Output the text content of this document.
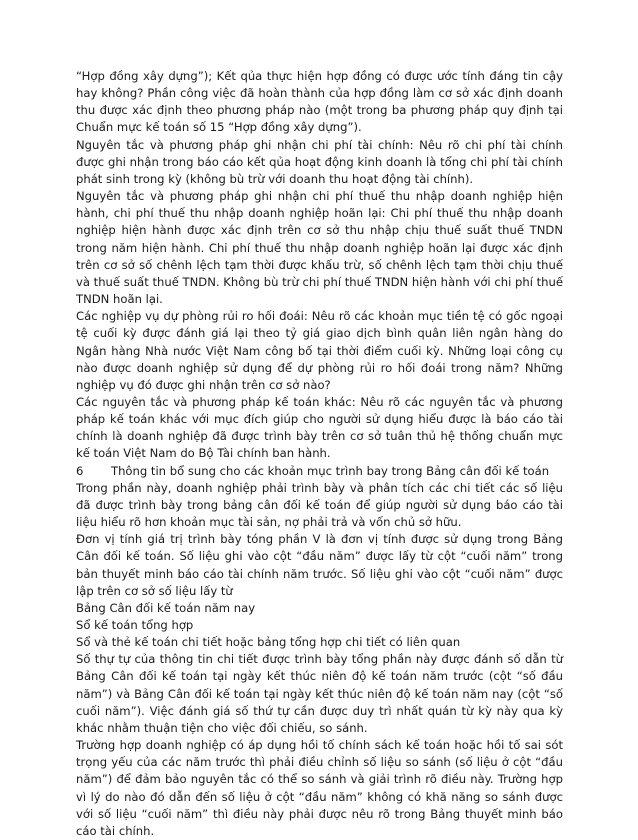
“Hợp đồng xây dựng”); Kết qủa thực hiện hợp đồng có được ước tính đáng tin cậy hay không? Phần công việc đã hoàn thành của hợp đồng làm cơ sở xác định doanh thu được xác định theo phương pháp nào (một trong ba phương pháp quy định tại Chuẩn mực kế toán số 15 “Hợp đồng xây dựng”).

Nguyên tắc và phương pháp ghi nhận chi phí tài chính: Nêu rõ chi phí tài chính được ghi nhận trong báo cáo kết qủa hoạt động kinh doanh là tổng chi phí tài chính phát sinh trong kỳ (không bù trừ với doanh thu hoạt động tài chính).

Nguyên tắc và phương pháp ghi nhận chi phí thuế thu nhập doanh nghiệp hiện hành, chi phí thuế thu nhập doanh nghiệp hoãn lại: Chi phí thuế thu nhập doanh nghiệp hiện hành được xác định trên cơ sở thu nhập chịu thuế suất thuế TNDN trong năm hiện hành. Chi phí thuế thu nhập doanh nghiệp hoãn lại được xác định trên cơ sở số chênh lệch tạm thời được khấu trừ, số chênh lệch tạm thời chịu thuế và thuế suất thuế TNDN. Không bù trừ chi phí thuế TNDN hiện hành với chi phí thuế TNDN hoãn lại.

Các nghiệp vụ dự phòng rủi ro hối đoái: Nêu rõ các khoản mục tiền tệ có gốc ngoại tệ cuối kỳ được đánh giá lại theo tỷ giá giao dịch bình quân liên ngân hàng do Ngân hàng Nhà nước Việt Nam công bố tại thời điểm cuối kỳ. Những loại công cụ nào được doanh nghiệp sử dụng để dự phòng rủi ro hối đoái trong năm? Những nghiệp vụ đó được ghi nhận trên cơ sở nào?

Các nguyên tắc và phương pháp kế toán khác: Nêu rõ các nguyên tắc và phương pháp kế toán khác với mục đích giúp cho người sử dụng hiểu được là báo cáo tài chính là doanh nghiệp đã được trình bày trên cơ sở tuân thủ hệ thống chuẩn mực kế toán Việt Nam do Bộ Tài chính ban hành.

6 Thông tin bổ sung cho các khoản mục trình bay trong Bảng cân đối kế toán

Trong phần này, doanh nghiệp phải trình bày và phân tích các chi tiết các số liệu đã được trình bày trong bảng cân đối kế toán để giúp người sử dụng báo cáo tài liệu hiểu rõ hơn khoản mục tài sản, nợ phải trả và vốn chủ sở hữu.

Đơn vị tính giá trị trình bày tóng phần V là đơn vị tính được sử dụng trong Bảng Cân đối kế toán. Số liệu ghi vào cột “đầu năm” được lấy từ cột “cuối năm” trong bản thuyết minh báo cáo tài chính năm trước. Số liệu ghi vào cột “cuối năm” được lập trên cơ sở số liệu lấy từ

Bảng Cân đối kế toán năm nay

Sổ kế toán tổng hợp

Sổ và thẻ kế toán chi tiết hoặc bảng tổng hợp chi tiết có liên quan

Số thự tự của thông tin chi tiết được trình bày tổng phần này được đánh số dẫn từ Bảng Cân đối kế toán tại ngày kết thúc niên độ kế toán năm trước (cột “số đầu năm”) và Bảng Cân đối kế toán tại ngày kết thúc niên độ kế toán năm nay (cột “số cuối năm”). Việc đánh giá số thứ tự cần được duy trì nhất quán từ kỳ này qua kỳ khác nhằm thuận tiện cho việc đối chiếu, so sánh.

Trường hợp doanh nghiệp có áp dụng hồi tố chính sách kế toán hoặc hồi tố sai sót trọng yếu của các năm trước thì phải điều chỉnh số liệu so sánh (số liệu ở cột “đầu năm”) để đảm bảo nguyên tắc có thể so sánh và giải trình rõ điều này. Trường hợp vì lý do nào đó dẫn đến số liệu ở cột “đầu năm” không có khă năng so sánh được với số liệu “cuối năm” thì điều này phải được nêu rõ trong Bảng thuyết minh báo cáo tài chính.
